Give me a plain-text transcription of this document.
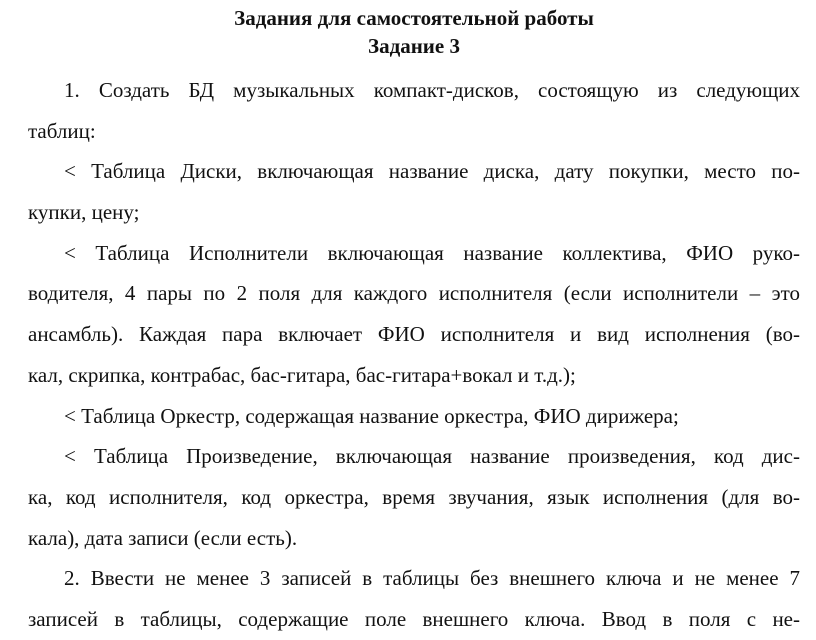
Задания для самостоятельной работы

Задание 3

1. Создать БД музыкальных компакт-дисков, состоящую из следующих
таблиц:
< Таблица Диски, включающая название диска, дату покупки, место по-
купки, цену;
< Таблица Исполнители включающая название коллектива, ФИО руко-
водителя, 4 пары по 2 поля для каждого исполнителя (если исполнители – это
ансамбль). Каждая пара включает ФИО исполнителя и вид исполнения (во-
кал, скрипка, контрабас, бас-гитара, бас-гитара+вокал и т.д.);
< Таблица Оркестр, содержащая название оркестра, ФИО дирижера;
< Таблица Произведение, включающая название произведения, код дис-
ка, код исполнителя, код оркестра, время звучания, язык исполнения (для во-
кала), дата записи (если есть).
2. Ввести не менее 3 записей в таблицы без внешнего ключа и не менее 7
записей в таблицы, содержащие поле внешнего ключа. Ввод в поля с не-
